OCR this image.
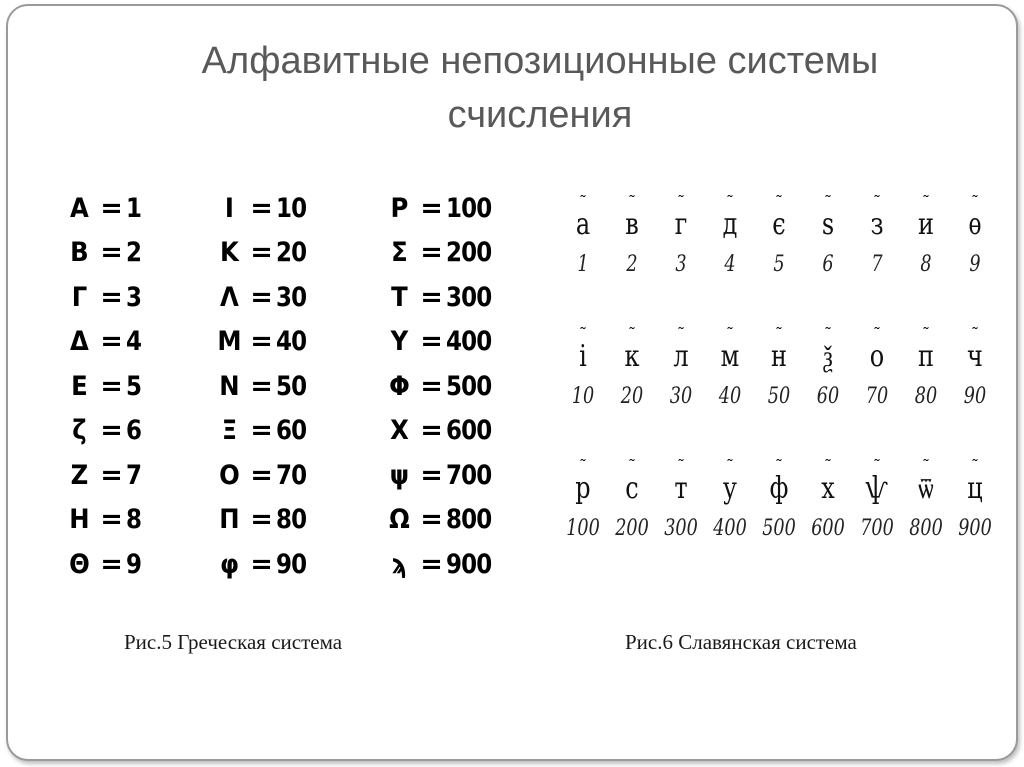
Алфавитные непозиционные системы
счисления
A = 1
B = 2
Γ = 3
Δ = 4
E = 5
ζ = 6
Z = 7
H = 8
Θ = 9
I = 10
K = 20
Λ = 30
M = 40
N = 50
Ξ = 60
O = 70
Π = 80
φ = 90
P = 100
Σ = 200
T = 300
Υ = 400
Φ = 500
X = 600
ψ = 700
Ω = 800
ϡ = 900
˜
а
1
˜
в
2
˜
г
3
˜
д
4
˜
є
5
˜
ѕ
6
˜
з
7
˜
и
8
˜
ѳ
9
˜
і
10
˜
к
20
˜
л
30
˜
м
40
˜
н
50
˜
ѯ
60
˜
о
70
˜
п
80
˜
ч
90
˜
р
100
˜
с
200
˜
т
300
˜
у
400
˜
ф
500
˜
х
600
˜
ѱ
700
˜
ѿ
800
˜
ц
900
Рис.5 Греческая система	Рис.6 Славянская система
